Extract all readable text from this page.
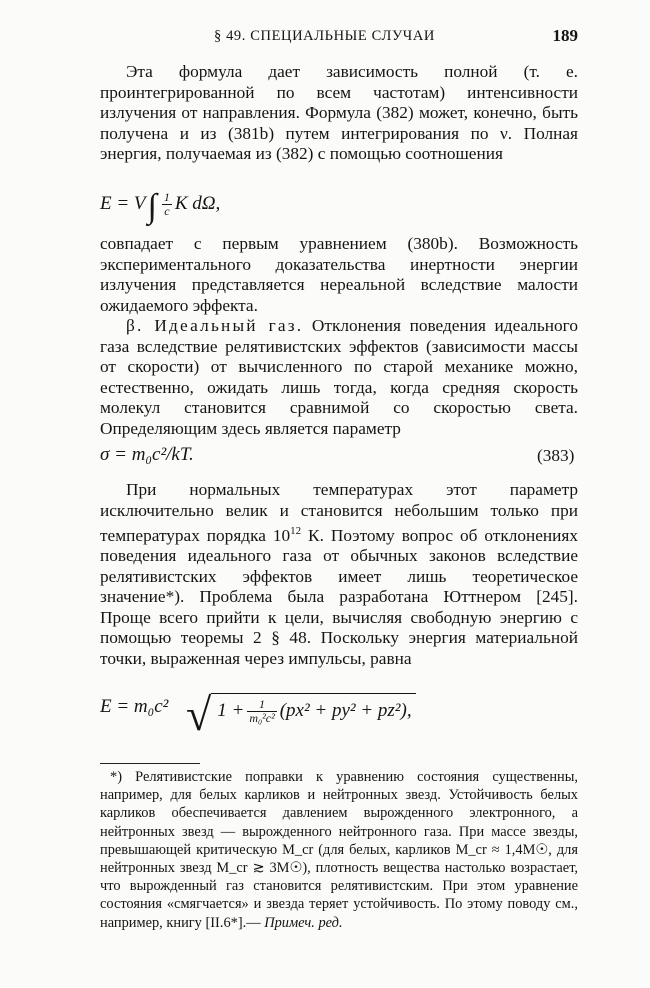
§ 49. СПЕЦИАЛЬНЫЕ СЛУЧАИ	189

Эта формула дает зависимость полной (т. е. проинтегрированной по всем частотам) интенсивности излучения от направления. Формула (382) может, конечно, быть получена и из (381b) путем интегрирования по ν. Полная энергия, получаемая из (382) с помощью соотношения

$E = V\int \frac{1}{c}$ K dΩ,

совпадает с первым уравнением (380b). Возможность экспериментального доказательства инертности энергии излучения представляется нереальной вследствие малости ожидаемого эффекта.

β. Идеальный газ. Отклонения поведения идеального газа вследствие релятивистских эффектов (зависимости массы от скорости) от вычисленного по старой механике можно, естественно, ожидать лишь тогда, когда средняя скорость молекул становится сравнимой со скоростью света. Определяющим здесь является параметр

σ = m₀c²/kT.	(383)

При нормальных температурах этот параметр исключительно велик и становится небольшим только при температурах порядка $10^{12}$ К. Поэтому вопрос об отклонениях поведения идеального газа от обычных законов вследствие релятивистских эффектов имеет лишь теоретическое значение*). Проблема была разработана Юттнером [245]. Проще всего прийти к цели, вычисляя свободную энергию с помощью теоремы 2 § 48. Поскольку энергия материальной точки, выраженная через импульсы, равна

E = m₀c² √ $1 + \frac{1}{\text{m₀²c²}} (px^2 + py^2 + pz^2)$,

*) Релятивистские поправки к уравнению состояния существенны, например, для белых карликов и нейтронных звезд. Устойчивость белых карликов обеспечивается давлением вырожденного электронного, а нейтронных звезд — вырожденного нейтронного газа. При массе звезды, превышающей критическую M_cr (для белых, карликов M_cr ≈ 1,4M☉, для нейтронных звезд M_cr ≳ 3M☉), плотность вещества настолько возрастает, что вырожденный газ становится релятивистским. При этом уравнение состояния «смягчается» и звезда теряет устойчивость. По этому поводу см., например, книгу [II.6*].— Примеч. ред.
